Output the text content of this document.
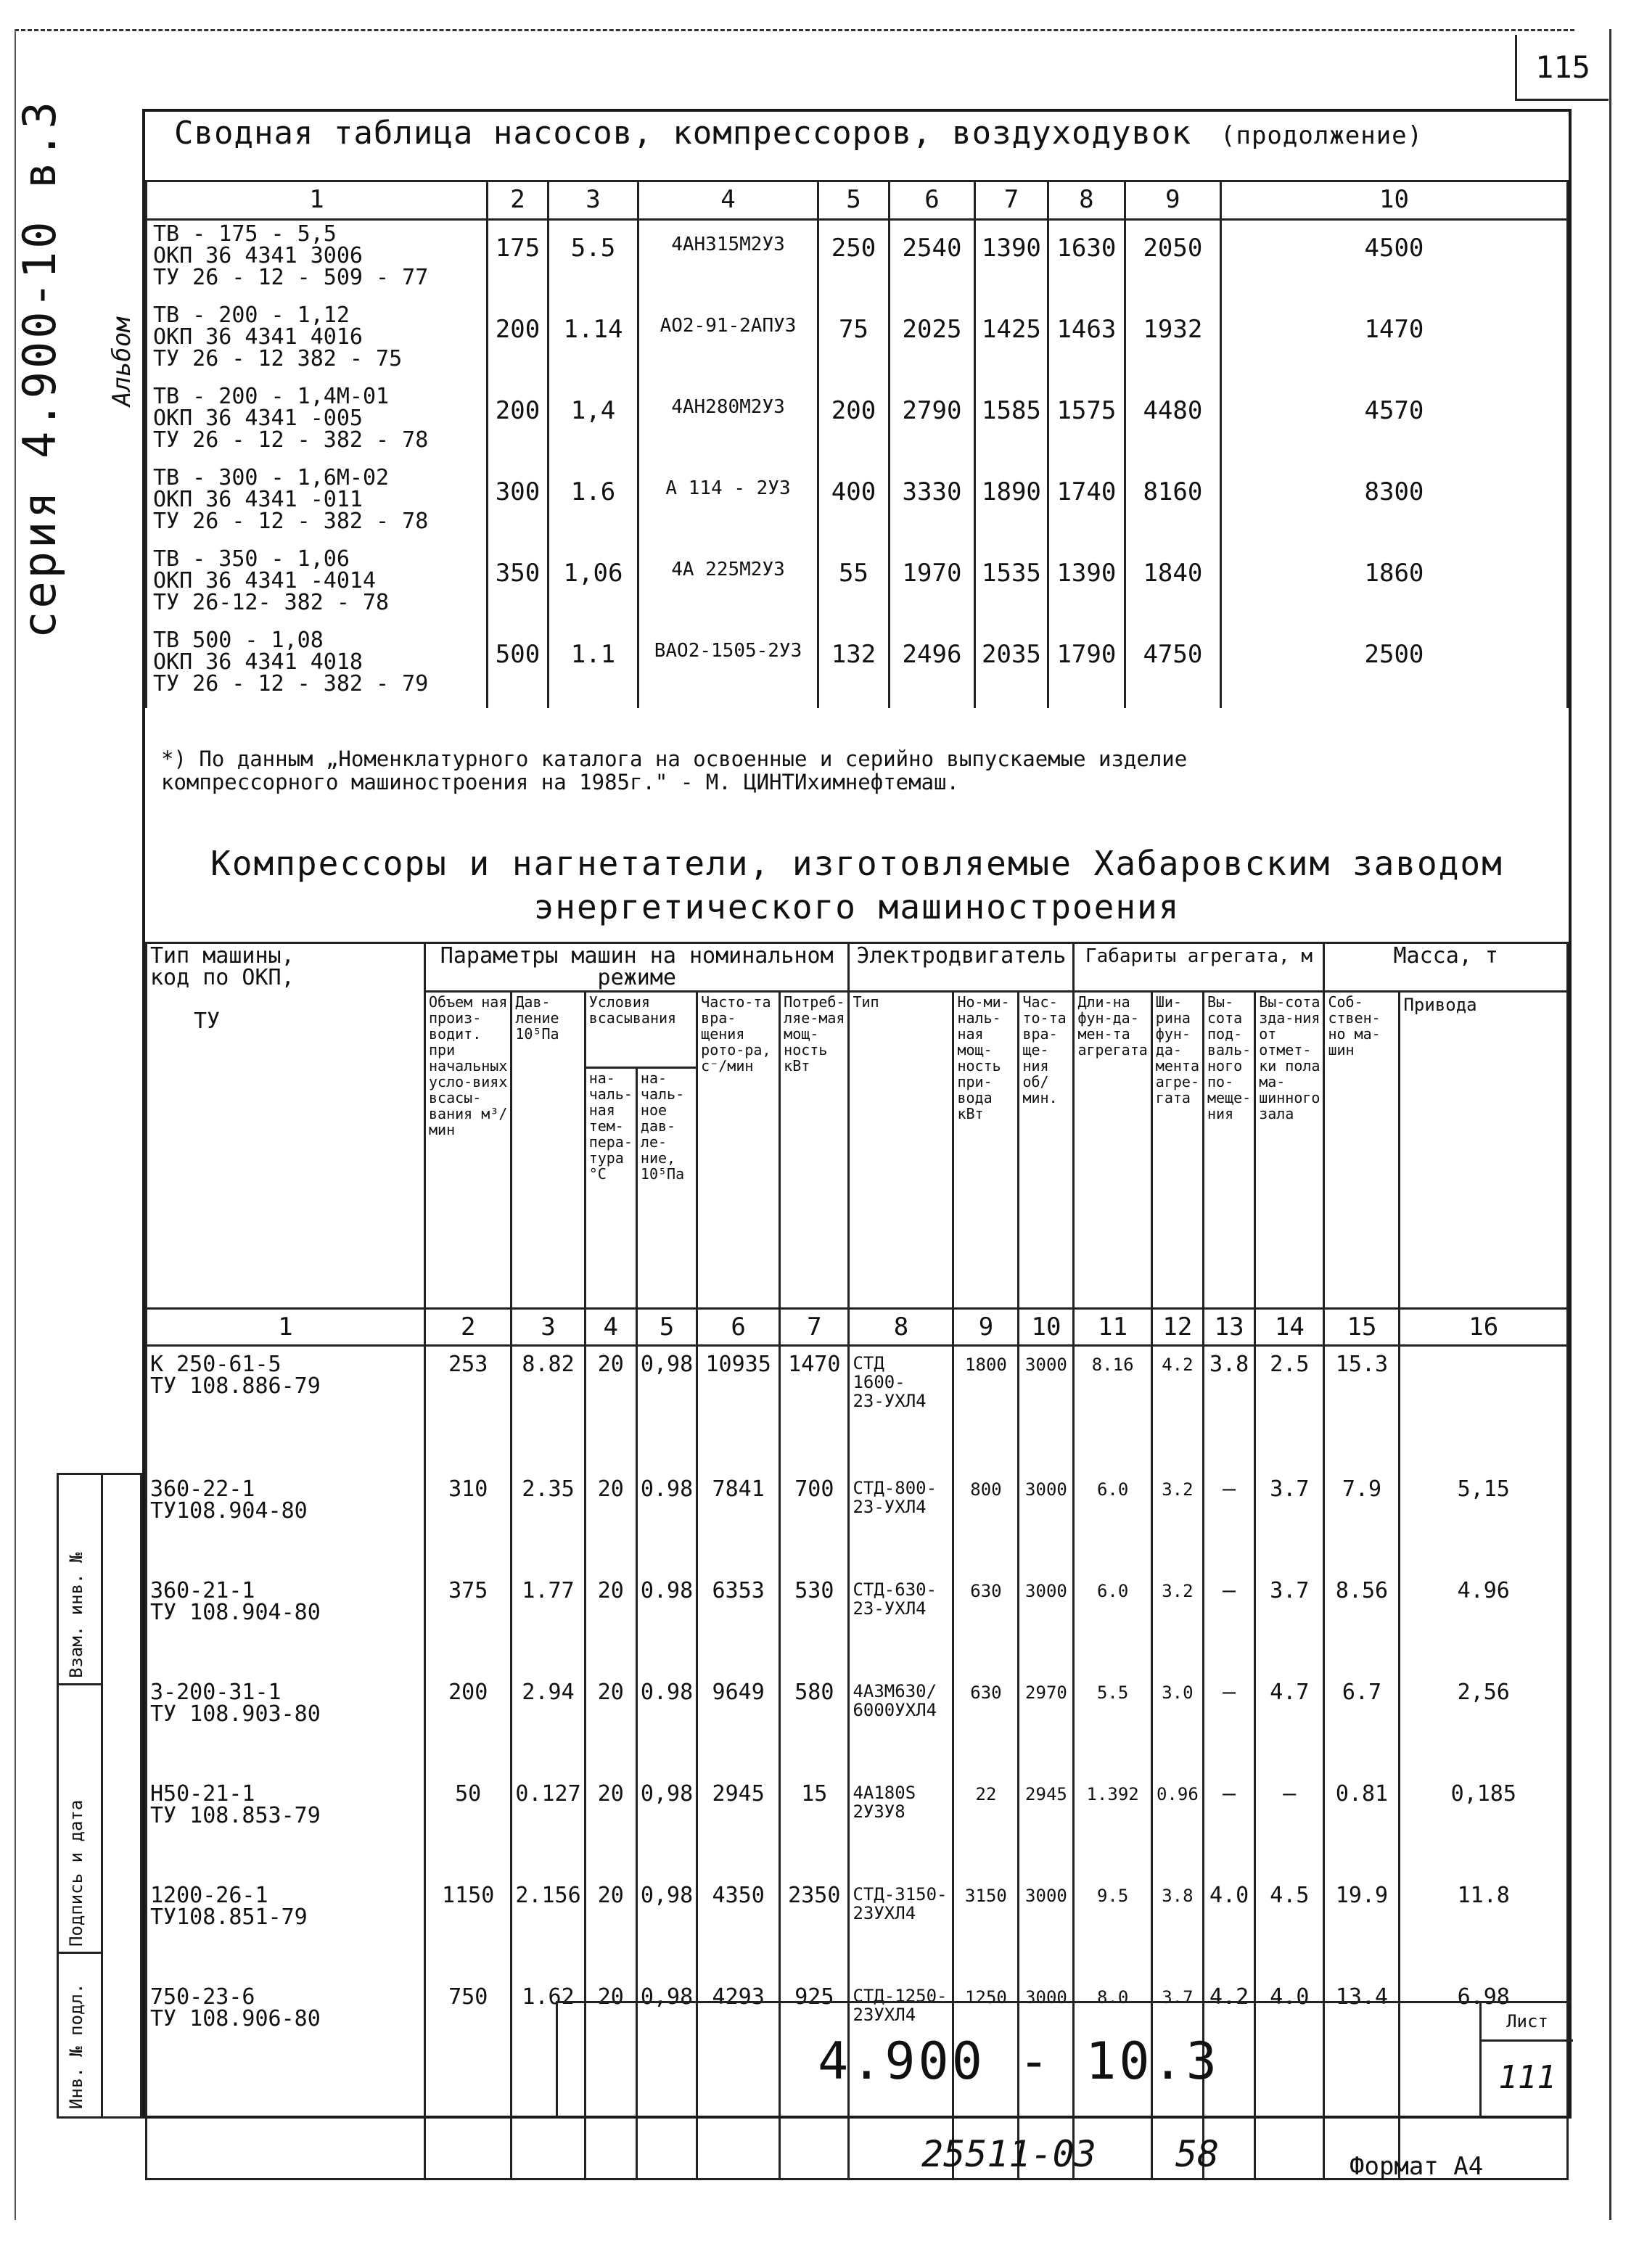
115
серия 4.900-10 в.3 Альбом
Взам. инв. №
Подпись и дата
Инв. № подл.
Сводная таблица насосов, компрессоров, воздуходувок (продолжение)
1	2	3	4	5	6	7	8	9	10
ТВ - 175 - 5,5
ОКП 36 4341 3006
ТУ 26 - 12 - 509 - 77	175	5.5	4АН315М2У3	250	2540	1390	1630	2050	4500
ТВ - 200 - 1,12
ОКП 36 4341 4016
ТУ 26 - 12 382 - 75	200	1.14	АО2-91-2АПУ3	75	2025	1425	1463	1932	1470
ТВ - 200 - 1,4М-01
ОКП 36 4341 -005
ТУ 26 - 12 - 382 - 78	200	1,4	4АН280М2У3	200	2790	1585	1575	4480	4570
ТВ - 300 - 1,6М-02
ОКП 36 4341 -011
ТУ 26 - 12 - 382 - 78	300	1.6	А 114 - 2У3	400	3330	1890	1740	8160	8300
ТВ - 350 - 1,06
ОКП 36 4341 -4014
ТУ 26-12- 382 - 78	350	1,06	4А 225М2У3	55	1970	1535	1390	1840	1860
ТВ 500 - 1,08
ОКП 36 4341 4018
ТУ 26 - 12 - 382 - 79	500	1.1	ВАО2-1505-2У3	132	2496	2035	1790	4750	2500
*) По данным „Номенклатурного каталога на освоенные и серийно выпускаемые изделие
компрессорного машиностроения на 1985г." - М. ЦИНТИхимнефтемаш.
Компрессоры и нагнетатели, изготовляемые Хабаровским заводом
энергетического машиностроения
Тип машины,
код по ОКП,

ТУ	Параметры машин на номинальном режиме						Электродвигатель			Габариты агрегата, м				Масса, т	
	Объем ная произ-водит. при начальных усло-виях всасы-вания м³/мин	Дав-ление 10⁵Па	Условия всасывания		Часто-та вра-щения рото-ра, с⁻/мин	Потреб-ляе-мая мощ-ность кВт	Тип	Но-ми-наль-ная мощ-ность при-вода кВт	Час-то-та вра-ще-ния об/ мин.	Дли-на фун-да-мен-та агрегата	Ши-рина фун-да-мента агре-гата	Вы-сота под-валь-ного по-меще-ния	Вы-сота зда-ния от отмет-ки пола ма-шинного зала	Соб-ствен-но ма-шин	Привода
			на-чаль-ная тем-пера-тура °С	на-чаль-ное дав-ле-ние, 10⁵Па											
1	2	3	4	5	6	7	8	9	10	11	12	13	14	15	16
К 250-61-5
ТУ 108.886-79	253	8.82	20	0,98	10935	1470	СТД
1600-
23-УХЛ4	1800	3000	8.16	4.2	3.8	2.5	15.3	
360-22-1
ТУ108.904-80	310	2.35	20	0.98	7841	700	СТД-800-
23-УХЛ4	800	3000	6.0	3.2	—	3.7	7.9	5,15
360-21-1
ТУ 108.904-80	375	1.77	20	0.98	6353	530	СТД-630-
23-УХЛ4	630	3000	6.0	3.2	—	3.7	8.56	4.96
3-200-31-1
ТУ 108.903-80	200	2.94	20	0.98	9649	580	4АЗМ630/
6000УХЛ4	630	2970	5.5	3.0	—	4.7	6.7	2,56
Н50-21-1
ТУ 108.853-79	50	0.127	20	0,98	2945	15	4А180S
2У3У8	22	2945	1.392	0.96	—	—	0.81	0,185
1200-26-1
ТУ108.851-79	1150	2.156	20	0,98	4350	2350	СТД-3150-
23УХЛ4	3150	3000	9.5	3.8	4.0	4.5	19.9	11.8
750-23-6
ТУ 108.906-80	750	1.62	20	0,98	4293	925	СТД-1250-
23УХЛ4	1250	3000	8.0	3.7	4.2	4.0	13.4	6.98

4.900 - 10.3
Лист
111
25511-03 58	Формат А4
